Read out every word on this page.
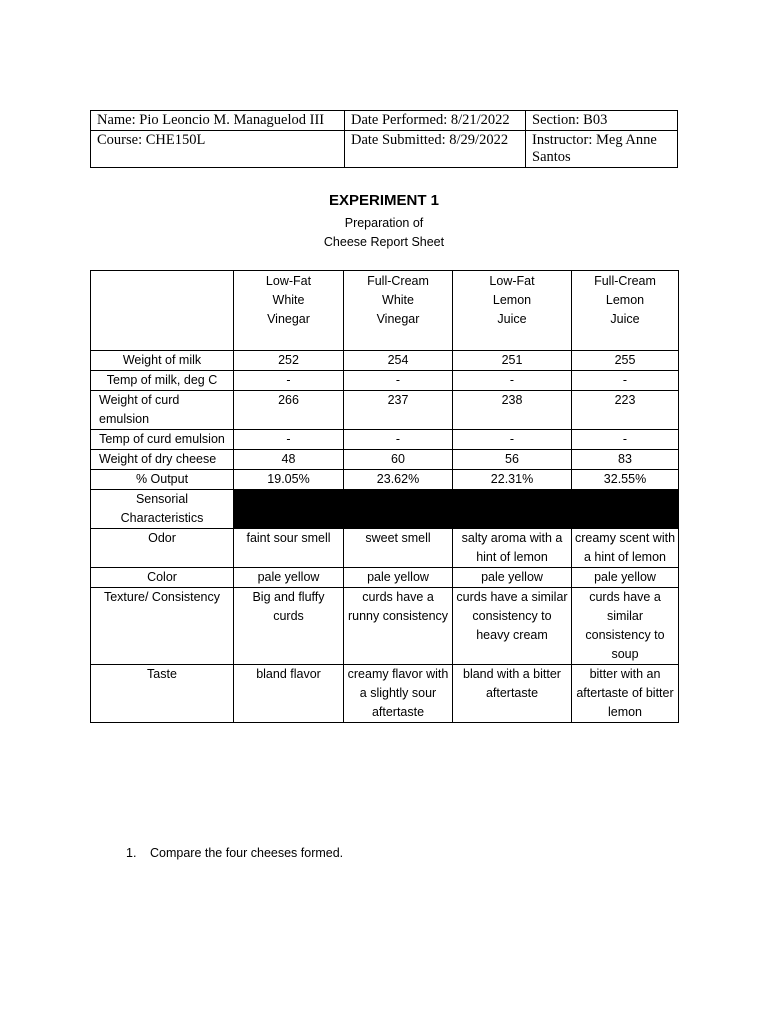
Name: Pio Leoncio M. Managuelod III	Date Performed: 8/21/2022	Section: B03
Course: CHE150L	Date Submitted: 8/29/2022	Instructor: Meg Anne Santos
EXPERIMENT 1
Preparation of
Cheese Report Sheet
	Low-Fat White Vinegar	Full-Cream White Vinegar	Low-Fat Lemon Juice	Full-Cream Lemon Juice
Weight of milk	252	254	251	255
Temp of milk, deg C	-	-	-	-
Weight of curd emulsion	266	237	238	223
Temp of curd emulsion	-	-	-	-
Weight of dry cheese	48	60	56	83
% Output	19.05%	23.62%	22.31%	32.55%
Sensorial Characteristics				
Odor	faint sour smell	sweet smell	salty aroma with a hint of lemon	creamy scent with a hint of lemon
Color	pale yellow	pale yellow	pale yellow	pale yellow
Texture/ Consistency	Big and fluffy curds	curds have a runny consistency	curds have a similar consistency to heavy cream	curds have a similar consistency to soup
Taste	bland flavor	creamy flavor with a slightly sour aftertaste	bland with a bitter aftertaste	bitter with an aftertaste of bitter lemon
1. Compare the four cheeses formed.
